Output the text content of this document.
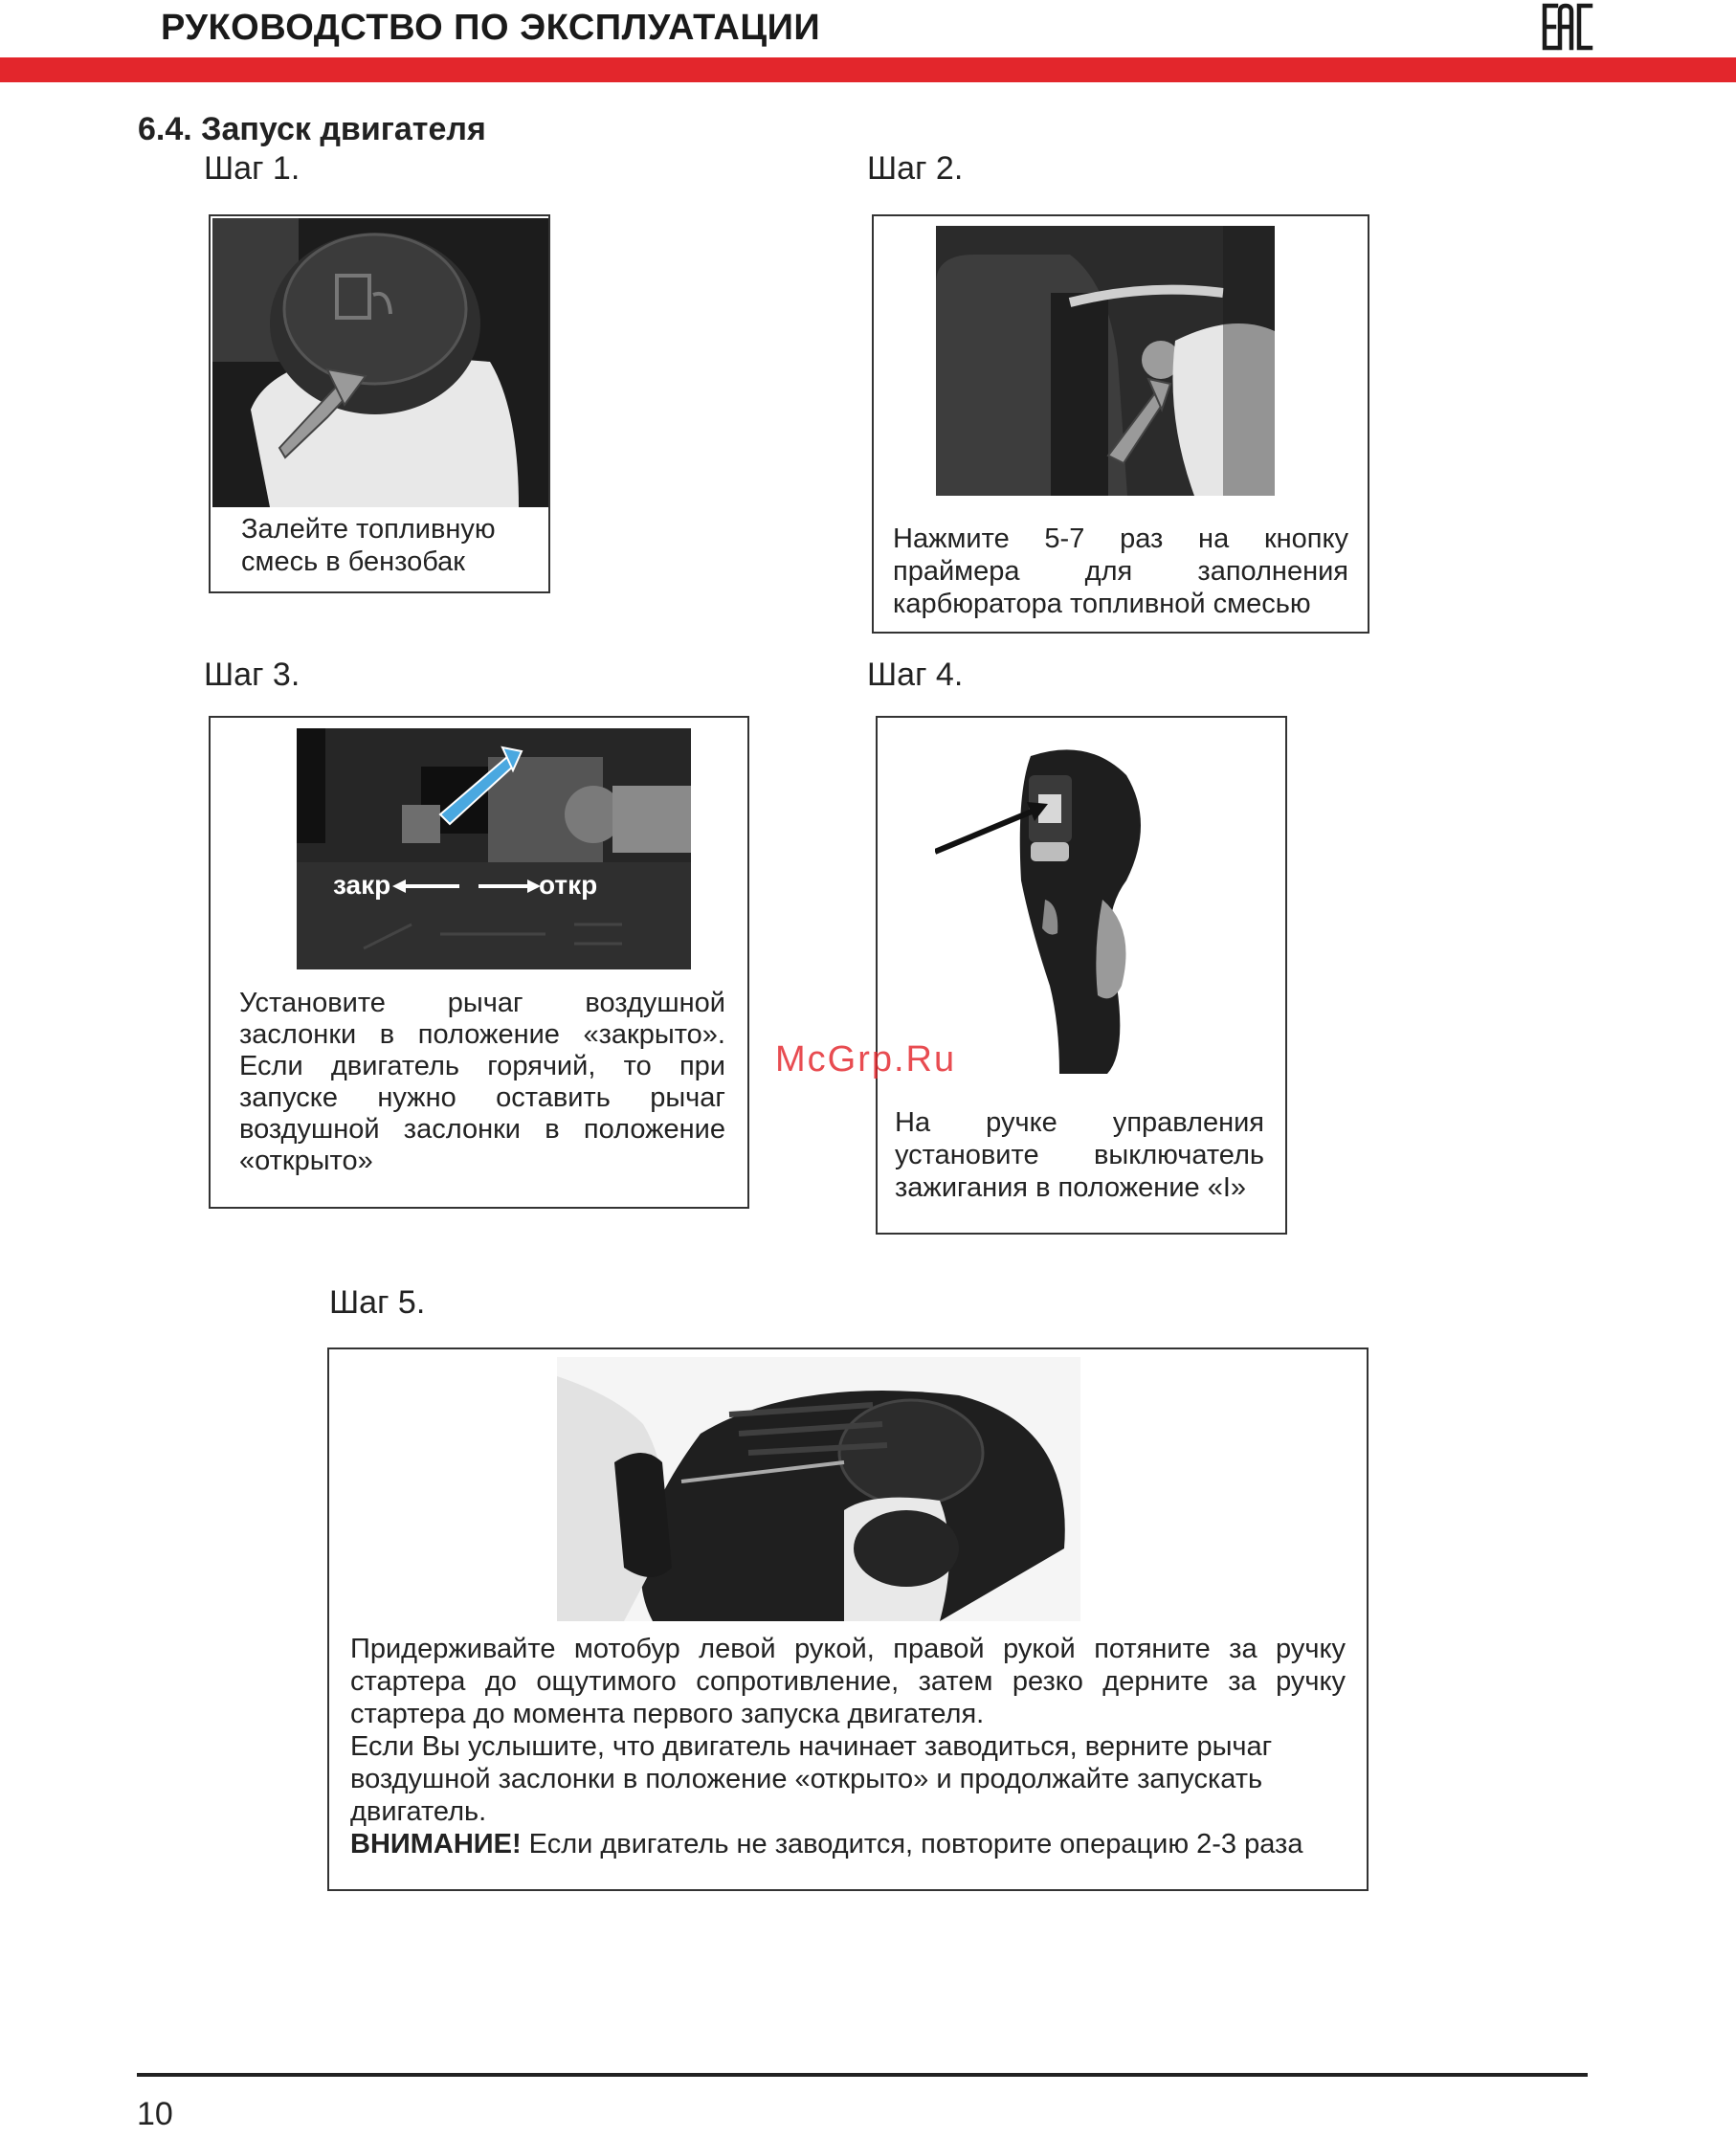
РУКОВОДСТВО ПО ЭКСПЛУАТАЦИИ
6.4. Запуск двигателя
Шаг 1.
Залейте топливную смесь в бензобак
Шаг 2.
Нажмите 5-7 раз на кнопку праймера для заполнения карбюратора топливной смесью
Шаг 3.
закр	откр
Установите рычаг воздушной заслонки в положение «закрыто». Если двигатель горячий, то при запуске нужно оставить рычаг воздушной заслонки в положение «открыто»
Шаг 4.
На ручке управления установите выключатель зажигания в положение «I»
McGrp.Ru
Шаг 5.
Придерживайте мотобур левой рукой, правой рукой потяните за ручку стартера до ощутимого сопротивление, затем резко дерните за ручку стартера до момента первого запуска двигателя.
Если Вы услышите, что двигатель начинает заводиться, верните рычаг воздушной заслонки в положение «открыто» и продолжайте запускать двигатель.
ВНИМАНИЕ! Если двигатель не заводится, повторите операцию 2-3 раза
10
